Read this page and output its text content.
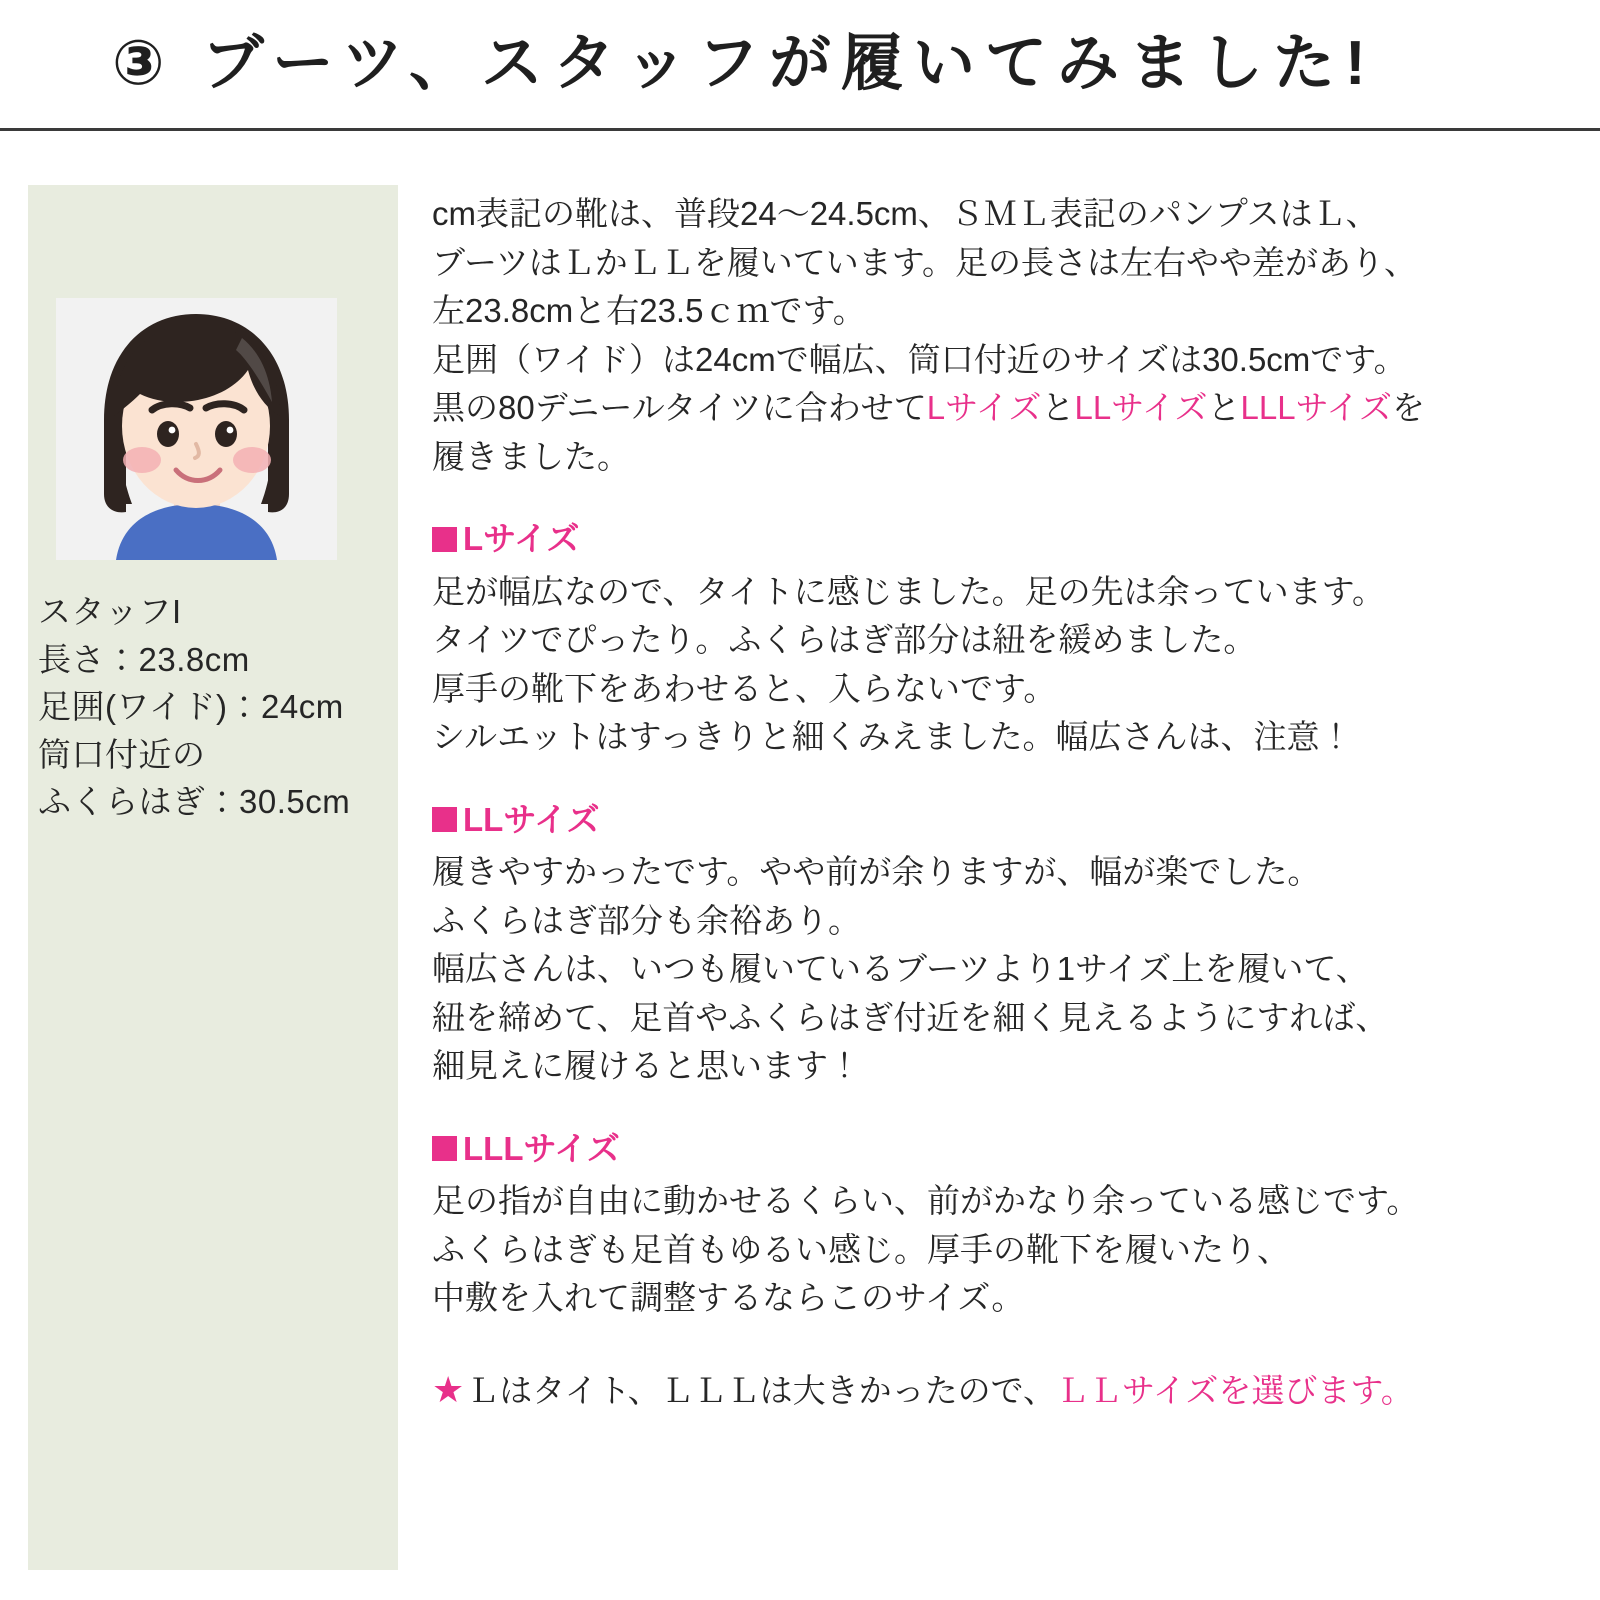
③ ブーツ、スタッフが履いてみました!
スタッフI
長さ：23.8cm
足囲(ワイド)：24cm
筒口付近の
ふくらはぎ：30.5cm

cm表記の靴は、普段24〜24.5cm、ＳＭＬ表記のパンプスはＬ、

ブーツはＬかＬＬを履いています。足の長さは左右やや差があり、

左23.8cmと右23.5ｃｍです。

足囲（ワイド）は24cmで幅広、筒口付近のサイズは30.5cmです。

黒の80デニールタイツに合わせてLサイズとLLサイズとLLLサイズを

履きました。

Lサイズ

足が幅広なので、タイトに感じました。足の先は余っています。

タイツでぴったり。ふくらはぎ部分は紐を緩めました。

厚手の靴下をあわせると、入らないです。

シルエットはすっきりと細くみえました。幅広さんは、注意！

LLサイズ

履きやすかったです。やや前が余りますが、幅が楽でした。

ふくらはぎ部分も余裕あり。

幅広さんは、いつも履いているブーツより1サイズ上を履いて、

紐を締めて、足首やふくらはぎ付近を細く見えるようにすれば、

細見えに履けると思います！

LLLサイズ

足の指が自由に動かせるくらい、前がかなり余っている感じです。

ふくらはぎも足首もゆるい感じ。厚手の靴下を履いたり、

中敷を入れて調整するならこのサイズ。

★ Ｌはタイト、ＬＬＬは大きかったので、 ＬＬサイズを選びます。
